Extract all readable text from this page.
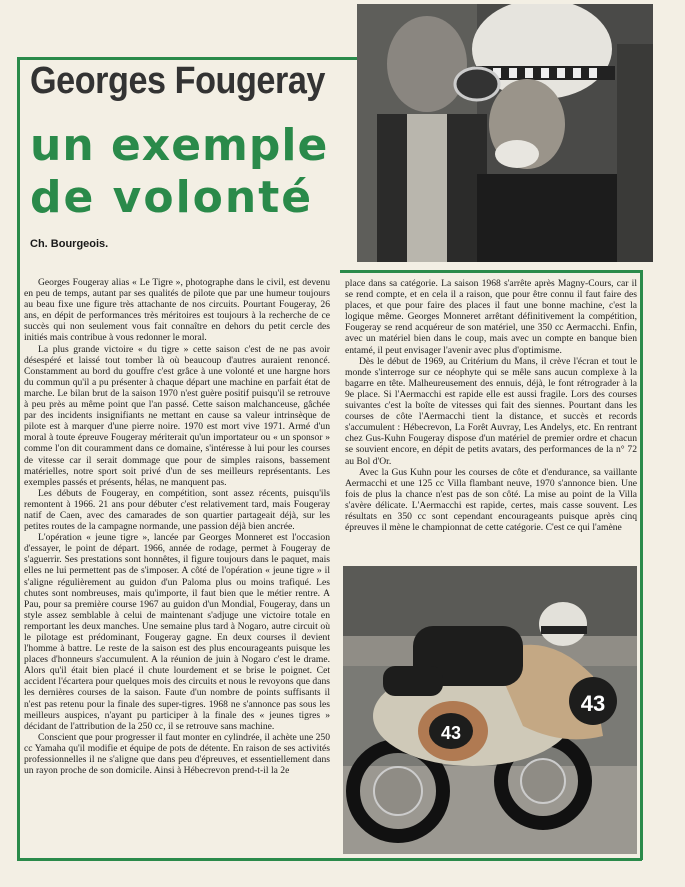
Georges Fougeray
un exemple
de volonté
Ch. Bourgeois.
43
43

Georges Fougeray alias « Le Tigre », photographe dans le civil, est devenu en peu de temps, autant par ses qualités de pilote que par une humeur toujours au beau fixe une figure très attachante de nos circuits. Pourtant Fougeray, 26 ans, en dépit de performances très méritoires est toujours à la recherche de ce succès qui non seulement vous fait connaître en dehors du petit cercle des initiés mais contribue à vous redonner le moral.

La plus grande victoire « du tigre » cette saison c'est de ne pas avoir désespéré et laissé tout tomber là où beaucoup d'autres auraient renoncé. Constamment au bord du gouffre c'est grâce à une volonté et une hargne hors du commun qu'il a pu présenter à chaque départ une machine en parfait état de marche. Le bilan brut de la saison 1970 n'est guère positif puisqu'il se retrouve à peu près au même point que l'an passé. Cette saison malchanceuse, gâchée par des incidents insignifiants ne mettant en cause sa valeur intrinsèque de pilote est à marquer d'une pierre noire. 1970 est mort vive 1971. Armé d'un moral à toute épreuve Fougeray mériterait qu'un importateur ou « un sponsor » comme l'on dit couramment dans ce domaine, s'intéresse à lui pour les courses de vitesse car il serait dommage que pour de simples raisons, bassement matérielles, notre sport soit privé d'un de ses meilleurs représentants. Les exemples passés et présents, hélas, ne manquent pas.

Les débuts de Fougeray, en compétition, sont assez récents, puisqu'ils remontent à 1966. 21 ans pour débuter c'est relativement tard, mais Fougeray natif de Caen, avec des camarades de son quartier partageait déjà, sur les petites routes de la campagne normande, une passion déjà bien ancrée.

L'opération « jeune tigre », lancée par Georges Monneret est l'occasion d'essayer, le point de départ. 1966, année de rodage, permet à Fougeray de s'aguerrir. Ses prestations sont honnêtes, il figure toujours dans le paquet, mais elles ne lui permettent pas de s'imposer. A côté de l'opération « jeune tigre » il s'aligne régulièrement au guidon d'un Paloma plus ou moins trafiqué. Les chutes sont nombreuses, mais qu'importe, il faut bien que le métier rentre. A Pau, pour sa première course 1967 au guidon d'un Mondial, Fougeray, dans un style assez semblable à celui de maintenant s'adjuge une victoire totale en remportant les deux manches. Une semaine plus tard à Nogaro, autre circuit où le pilotage est prédominant, Fougeray gagne. En deux courses il devient l'homme à battre. Le reste de la saison est des plus encourageants puisque les places d'honneurs s'accumulent. A la réunion de juin à Nogaro c'est le drame. Alors qu'il était bien placé il chute lourdement et se brise le poignet. Cet accident l'écartera pour quelques mois des circuits et nous le revoyons que dans les dernières courses de la saison. Faute d'un nombre de points suffisants il n'est pas retenu pour la finale des super-tigres. 1968 ne s'annonce pas sous les meilleurs auspices, n'ayant pu participer à la finale des « jeunes tigres » décidant de l'attribution de la 250 cc, il se retrouve sans machine.

Conscient que pour progresser il faut monter en cylindrée, il achète une 250 cc Yamaha qu'il modifie et équipe de pots de détente. En raison de ses activités professionnelles il ne s'aligne que dans peu d'épreuves, et essentiellement dans un rayon proche de son domicile. Ainsi à Hébecrevon prend-t-il la 2e

place dans sa catégorie. La saison 1968 s'arrête après Magny-Cours, car il se rend compte, et en cela il a raison, que pour être connu il faut faire des places, et que pour faire des places il faut une bonne machine, c'est la logique même. Georges Monneret arrêtant définitivement la compétition, Fougeray se rend acquéreur de son matériel, une 350 cc Aermacchi. Enfin, avec un matériel bien dans le coup, mais avec un compte en banque bien entamé, il peut envisager l'avenir avec plus d'optimisme.

Dès le début de 1969, au Critérium du Mans, il crève l'écran et tout le monde s'interroge sur ce néophyte qui se mêle sans aucun complexe à la bagarre en tête. Malheureusement des ennuis, déjà, le font rétrograder à la 9e place. Si l'Aermacchi est rapide elle est aussi fragile. Lors des courses suivantes c'est la boîte de vitesses qui fait des siennes. Pourtant dans les courses de côte l'Aermacchi tient la distance, et succès et records s'accumulent : Hébecrevon, La Forêt Auvray, Les Andelys, etc. En rentrant chez Gus-Kuhn Fougeray dispose d'un matériel de premier ordre et chacun se souvient encore, en dépit de petits avatars, des performances de la n° 72 au Bol d'Or.

Avec la Gus Kuhn pour les courses de côte et d'endurance, sa vaillante Aermacchi et une 125 cc Villa flambant neuve, 1970 s'annonce bien. Une fois de plus la chance n'est pas de son côté. La mise au point de la Villa s'avère délicate. L'Aermacchi est rapide, certes, mais casse souvent. Les résultats en 350 cc sont cependant encourageants puisque après cinq épreuves il mène le championnat de cette catégorie. C'est ce qui l'amène
